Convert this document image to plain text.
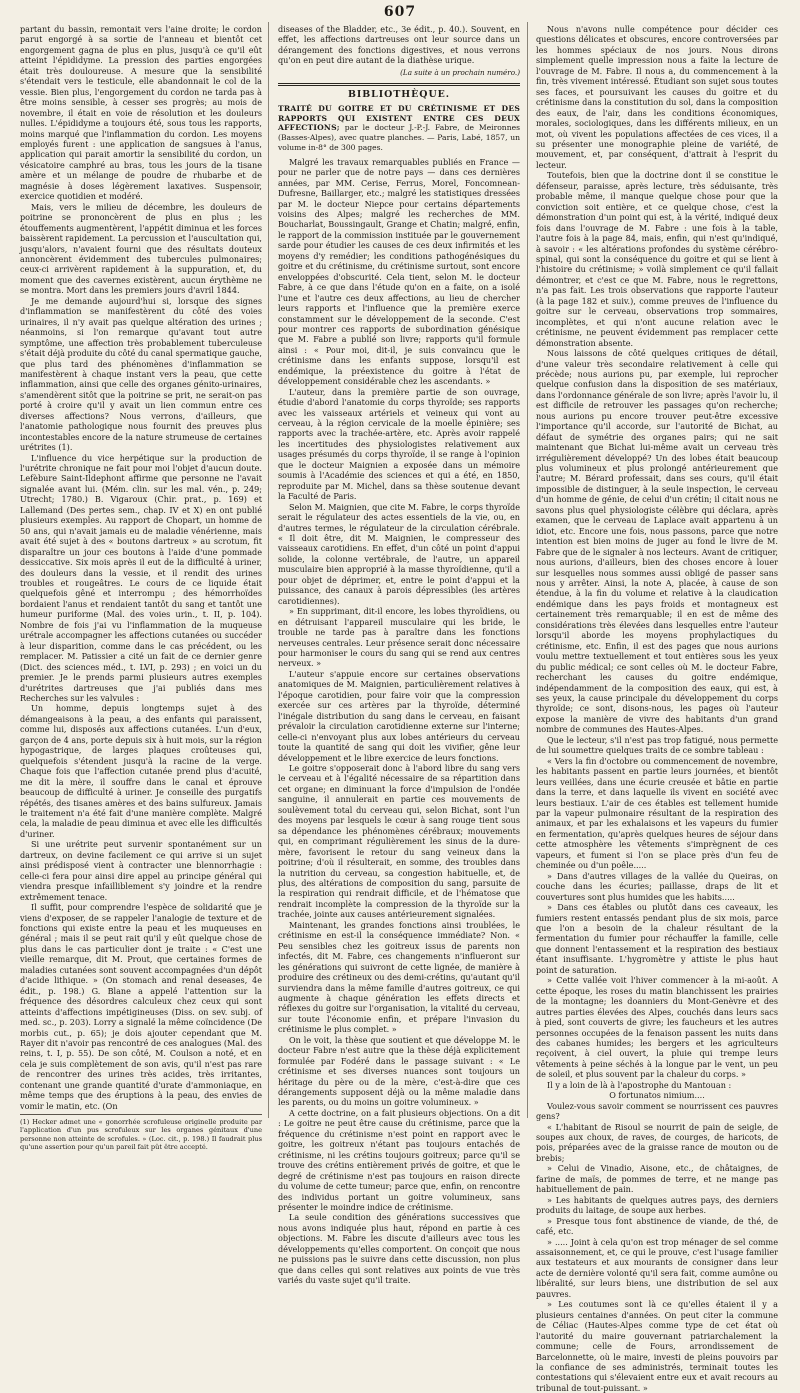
607

partant du bassin, remontait vers l'aine droite; le cordon parut engorgé à sa sortie de l'anneau et bientôt cet engorgement gagna de plus en plus, jusqu'à ce qu'il eût atteint l'épididyme. La pression des parties engorgées était très douloureuse. A mesure que la sensibilité s'étendait vers le testicule, elle abandonnait le col de la vessie. Bien plus, l'engorgement du cordon ne tarda pas à être moins sensible, à cesser ses progrès; au mois de novembre, il était en voie de résolution et les douleurs nulles. L'épididyme a toujours été, sous tous les rapports, moins marqué que l'inflammation du cordon. Les moyens employés furent : une application de sangsues à l'anus, application qui parait amortir la sensibilité du cordon, un vésicatoire camphré au bras, tous les jours de la tisane amère et un mélange de poudre de rhubarbe et de magnésie à doses légèrement laxatives. Suspensoir, exercice quotidien et modéré.

Mais, vers le milieu de décembre, les douleurs de poitrine se prononcèrent de plus en plus ; les étouffements augmentèrent, l'appétit diminua et les forces baissèrent rapidement. La percussion et l'auscultation qui, jusqu'alors, n'avaient fourni que des résultats douteux annoncèrent évidemment des tubercules pulmonaires; ceux-ci arrivèrent rapidement à la suppuration, et, du moment que des cavernes existèrent, aucun érythème ne se montra. Mort dans les premiers jours d'avril 1844.

Je me demande aujourd'hui si, lorsque des signes d'inflammation se manifestèrent du côté des voies urinaires, il n'y avait pas quelque altération des urines ; néanmoins, si l'on remarque qu'avant tout autre symptôme, une affection très probablement tuberculeuse s'était déjà produite du côté du canal spermatique gauche, que plus tard des phénomènes d'inflammation se manifestèrent à chaque instant vers la peau, que cette inflammation, ainsi que celle des organes génito-urinaires, s'amendèrent sitôt que la poitrine se prit, ne serait-on pas porté à croire qu'il y avait un lien commun entre ces diverses affections? Nous verrons, d'ailleurs, que l'anatomie pathologique nous fournit des preuves plus incontestables encore de la nature strumeuse de certaines urétrites (1).

L'influence du vice herpétique sur la production de l'urétrite chronique ne fait pour moi l'objet d'aucun doute. Lefèbure Saint-Ildephont affirme que personne ne l'avait signalée avant lui. (Mém. clin. sur les mal. vén., p. 249; Utrecht; 1780.) B. Vigaroux (Chir. prat., p. 169) et Lallemand (Des pertes sem., chap. IV et X) en ont publié plusieurs exemples. Au rapport de Chopart, un homme de 50 ans, qui n'avait jamais eu de maladie vénérienne, mais avait été sujet à des « boutons dartreux » au scrotum, fit disparaître un jour ces boutons à l'aide d'une pommade dessiccative. Six mois après il eut de la difficulté à uriner, des douleurs dans la vessie, et il rendit des urines troubles et rougeâtres. Le cours de ce liquide était quelquefois gêné et interrompu ; des hémorrhoïdes bordaient l'anus et rendaient tantôt du sang et tantôt une humeur puriforme (Mal. des voies urin., t. II, p. 104). Nombre de fois j'ai vu l'inflammation de la muqueuse urétrale accompagner les affections cutanées ou succéder à leur disparition, comme dans le cas précédent, ou les remplacer. M. Patissier a cité un fait de ce dernier genre (Dict. des sciences méd., t. LVI, p. 293) ; en voici un du premier. Je le prends parmi plusieurs autres exemples d'urétrites dartreuses que j'ai publiés dans mes Recherches sur les valvules :

Un homme, depuis longtemps sujet à des démangeaisons à la peau, a des enfants qui paraissent, comme lui, disposés aux affections cutanées. L'un d'eux, garçon de 4 ans, porte depuis six à huit mois, sur la région hypogastrique, de larges plaques croûteuses qui, quelquefois s'étendent jusqu'à la racine de la verge. Chaque fois que l'affection cutanée prend plus d'acuité, me dit la mère, il souffre dans le canal et éprouve beaucoup de difficulté à uriner. Je conseille des purgatifs répétés, des tisanes amères et des bains sulfureux. Jamais le traitement n'a été fait d'une manière complète. Malgré cela, la maladie de peau diminua et avec elle les difficultés d'uriner.

Si une urétrite peut survenir spontanément sur un dartreux, on devine facilement ce qui arrive si un sujet ainsi prédisposé vient à contracter une blennorrhagie : celle-ci fera pour ainsi dire appel au principe général qui viendra presque infailliblement s'y joindre et la rendre extrêmement tenace.

Il suffit, pour comprendre l'espèce de solidarité que je viens d'exposer, de se rappeler l'analogie de texture et de fonctions qui existe entre la peau et les muqueuses en général ; mais il se peut rait qu'il y eût quelque chose de plus dans le cas particulier dont je traite : « C'est une vieille remarque, dit M. Prout, que certaines formes de maladies cutanées sont souvent accompagnées d'un dépôt d'acide lithique. » (On stomach and renal deseases, 4e édit., p. 198.) G. Blane a appelé l'attention sur la fréquence des désordres calculeux chez ceux qui sont atteints d'affections impétigineuses (Diss. on sev. subj. of med. sc., p. 203). Lorry a signalé la même coïncidence (De morbis cut., p. 65); je dois ajouter cependant que M. Rayer dit n'avoir pas rencontré de ces analogues (Mal. des reins, t. I, p. 55). De son côté, M. Coulson a noté, et en cela je suis complètement de son avis, qu'il n'est pas rare de rencontrer des urines très acides, très irritantes, contenant une grande quantité d'urate d'ammoniaque, en même temps que des éruptions à la peau, des envies de vomir le matin, etc. (On

(1) Hecker admet une « gonorrhée scrofuleuse originelle produite par l'application d'un pus scrofuleux sur les organes génitaux d'une personne non atteinte de scrofules. » (Loc. cit., p. 198.) Il faudrait plus qu'une assertion pour qu'un pareil fait pût être accepté.

diseases of the Bladder, etc., 3e édit., p. 40.). Souvent, en effet, les affections dartreuses ont leur source dans un dérangement des fonctions digestives, et nous verrons qu'on en peut dire autant de la diathèse urique.

(La suite à un prochain numéro.)

BIBLIOTHÈQUE.
TRAITÉ DU GOITRE ET DU CRÉTINISME ET DES RAPPORTS QUI EXISTENT ENTRE CES DEUX AFFECTIONS; par le docteur J.-P.-J. Fabre, de Meironnes (Basses-Alpes), avec quatre planches. — Paris, Labé, 1857, un volume in-8° de 300 pages.

Malgré les travaux remarquables publiés en France — pour ne parler que de notre pays — dans ces dernières années, par MM. Cerise, Ferrus, Morel, Foncomnean-Dufresne, Baillarger, etc.; malgré les statistiques dressées par M. le docteur Niepce pour certains départements voisins des Alpes; malgré les recherches de MM. Boucharlat, Boussingault, Grange et Chatin; malgré, enfin, le rapport de la commission instituée par le gouvernement sarde pour étudier les causes de ces deux infirmités et les moyens d'y remédier; les conditions pathogénésiques du goitre et du crétinisme, du crétinisme surtout, sont encore enveloppées d'obscurité. Cela tient, selon M. le docteur Fabre, à ce que dans l'étude qu'on en a faite, on a isolé l'une et l'autre ces deux affections, au lieu de chercher leurs rapports et l'influence que la première exerce constamment sur le développement de la seconde. C'est pour montrer ces rapports de subordination génésique que M. Fabre a publié son livre; rapports qu'il formule ainsi : « Pour moi, dit-il, je suis convaincu que le crétinisme dans les enfants suppose, lorsqu'il est endémique, la préexistence du goitre à l'état de développement considérable chez les ascendants. »

L'auteur, dans la première partie de son ouvrage, étudie d'abord l'anatomie du corps thyroïde; ses rapports avec les vaisseaux artériels et veineux qui vont au cerveau, à la région cervicale de la moelle épinière; ses rapports avec la trachée-artère, etc. Après avoir rappelé les incertitudes des physiologistes relativement aux usages présumés du corps thyroïde, il se range à l'opinion que le docteur Maignien a exposée dans un mémoire soumis à l'Académie des sciences et qui a été, en 1850, reproduite par M. Michel, dans sa thèse soutenue devant la Faculté de Paris.

Selon M. Maignien, que cite M. Fabre, le corps thyroïde serait le régulateur des actes essentiels de la vie, ou, en d'autres termes, le régulateur de la circulation cérébrale. « Il doit être, dit M. Maignien, le compresseur des vaisseaux carotidiens. En effet, d'un côté un point d'appui solide, la colonne vertébrale, de l'autre, un appareil musculaire bien approprié à la masse thyroïdienne, qu'il a pour objet de déprimer, et, entre le point d'appui et la puissance, des canaux à parois dépressibles (les artères carotidiennes).

» En supprimant, dit-il encore, les lobes thyroïdiens, ou en détruisant l'appareil musculaire qui les bride, le trouble ne tarde pas à paraître dans les fonctions nerveuses centrales. Leur présence serait donc nécessaire pour harmoniser le cours du sang qui se rend aux centres nerveux. »

L'auteur s'appuie encore sur certaines observations anatomiques de M. Maignien, particulièrement relatives à l'époque carotidien, pour faire voir que la compression exercée sur ces artères par la thyroïde, déterminé l'inégale distribution du sang dans le cerveau, en faisant prévaloir la circulation carotidienne externe sur l'interne; celle-ci n'envoyant plus aux lobes antérieurs du cerveau toute la quantité de sang qui doit les vivifier, gêne leur développement et le libre exercice de leurs fonctions.

Le goitre s'opposerait donc à l'abord libre du sang vers le cerveau et à l'égalité nécessaire de sa répartition dans cet organe; en diminuant la force d'impulsion de l'ondée sanguine, il annulerait en partie ces mouvements de soulèvement total du cerveau qui, selon Bichat, sont l'un des moyens par lesquels le cœur à sang rouge tient sous sa dépendance les phénomènes cérébraux; mouvements qui, en comprimant régulièrement les sinus de la dure-mère, favorisent le retour du sang veineux dans la poitrine; d'où il résulterait, en somme, des troubles dans la nutrition du cerveau, sa congestion habituelle, et, de plus, des altérations de composition du sang, parsuite de la respiration qui rendrait difficile, et de l'hématose que rendrait incomplète la compression de la thyroïde sur la trachée, jointe aux causes antérieurement signalées.

Maintenant, les grandes fonctions ainsi troublées, le crétinisme en est-il la conséquence immédiate? Non. « Peu sensibles chez les goitreux issus de parents non infectés, dit M. Fabre, ces changements n'influeront sur les générations qui suivront de cette lignée, de manière à produire des crétineux ou des demi-crétins, qu'autant qu'il surviendra dans la même famille d'autres goitreux, ce qui augmente à chaque génération les effets directs et réflexes du goitre sur l'organisation, la vitalité du cerveau, sur toute l'économie enfin, et prépare l'invasion du crétinisme le plus complet. »

On le voit, la thèse que soutient et que développe M. le docteur Fabre n'est autre que la thèse déjà explicitement formulée par Fodéré dans le passage suivant : « Le crétinisme et ses diverses nuances sont toujours un héritage du père ou de la mère, c'est-à-dire que ces dérangements supposent déjà ou la même maladie dans les parents, ou du moins un goitre volumineux. »

A cette doctrine, on a fait plusieurs objections. On a dit : Le goitre ne peut être cause du crétinisme, parce que la fréquence du crétinisme n'est point en rapport avec le goitre, les goitreux n'étant pas toujours entachés de crétinisme, ni les crétins toujours goitreux; parce qu'il se trouve des crétins entièrement privés de goitre, et que le degré de crétinisme n'est pas toujours en raison directe du volume de cette tumeur; parce que, enfin, on rencontre des individus portant un goitre volumineux, sans présenter le moindre indice de crétinisme.

La seule condition des générations successives que nous avons indiquée plus haut, répond en partie à ces objections. M. Fabre les discute d'ailleurs avec tous les développements qu'elles comportent. On conçoit que nous ne puissions pas le suivre dans cette discussion, non plus que dans celles qui sont relatives aux points de vue très variés du vaste sujet qu'il traite.

Nous n'avons nulle compétence pour décider ces questions délicates et obscures, encore controversées par les hommes spéciaux de nos jours. Nous dirons simplement quelle impression nous a faite la lecture de l'ouvrage de M. Fabre. Il nous a, du commencement à la fin, très vivement intéressé. Étudiant son sujet sous toutes ses faces, et poursuivant les causes du goitre et du crétinisme dans la constitution du sol, dans la composition des eaux, de l'air, dans les conditions économiques, morales, sociologiques, dans les différents milieux, en un mot, où vivent les populations affectées de ces vices, il a su présenter une monographie pleine de variété, de mouvement, et, par conséquent, d'attrait à l'esprit du lecteur.

Toutefois, bien que la doctrine dont il se constitue le défenseur, paraisse, après lecture, très séduisante, très probable même, il manque quelque chose pour que la conviction soit entière, et ce quelque chose, c'est la démonstration d'un point qui est, à la vérité, indiqué deux fois dans l'ouvrage de M. Fabre : une fois à la table, l'autre fois à la page 84, mais, enfin, qui n'est qu'indiqué, à savoir : « les altérations profondes du système cérébro-spinal, qui sont la conséquence du goitre et qui se lient à l'histoire du crétinisme; » voilà simplement ce qu'il fallait démontrer, et c'est ce que M. Fabre, nous le regrettons, n'a pas fait. Les trois observations que rapporte l'auteur (à la page 182 et suiv.), comme preuves de l'influence du goitre sur le cerveau, observations trop sommaires, incomplètes, et qui n'ont aucune relation avec le crétinisme, ne peuvent évidemment pas remplacer cette démonstration absente.

Nous laissons de côté quelques critiques de détail, d'une valeur très secondaire relativement à celle qui précède; nous aurions pu, par exemple, lui reprocher quelque confusion dans la disposition de ses matériaux, dans l'ordonnance générale de son livre; après l'avoir lu, il est difficile de retrouver les passages qu'on recherche; nous aurions pu encore trouver peut-être excessive l'importance qu'il accorde, sur l'autorité de Bichat, au défaut de symétrie des organes pairs; qui ne sait maintenant que Bichat lui-même avait un cerveau très irrégulièrement développé? Un des lobes était beaucoup plus volumineux et plus prolongé antérieurement que l'autre; M. Bérard professait, dans ses cours, qu'il était impossible de distinguer, à la seule inspection, le cerveau d'un homme de génie, de celui d'un crétin; il citait nous ne savons plus quel physiologiste célèbre qui déclara, après examen, que le cerveau de Laplace avait appartenu à un idiot, etc. Encore une fois, nous passons, parce que notre intention est bien moins de juger au fond le livre de M. Fabre que de le signaler à nos lecteurs. Avant de critiquer, nous aurions, d'ailleurs, bien des choses encore à louer sur lesquelles nous sommes aussi obligé de passer sans nous y arrêter. Ainsi, la note A, placée, à cause de son étendue, à la fin du volume et relative à la claudication endémique dans les pays froids et montagneux est certainement très remarquable; il en est de même des considérations très élevées dans lesquelles entre l'auteur lorsqu'il aborde les moyens prophylactiques du crétinisme, etc. Enfin, il est des pages que nous aurions voulu mettre textuellement et tout entières sous les yeux du public médical; ce sont celles où M. le docteur Fabre, recherchant les causes du goitre endémique, indépendamment de la composition des eaux, qui est, à ses yeux, la cause principale du développement du corps thyroïde; ce sont, disons-nous, les pages où l'auteur expose la manière de vivre des habitants d'un grand nombre de communes des Hautes-Alpes.

Que le lecteur, s'il n'est pas trop fatigué, nous permette de lui soumettre quelques traits de ce sombre tableau :

« Vers la fin d'octobre ou commencement de novembre, les habitants passent en partie leurs journées, et bientôt leurs veillées, dans une écurie creusée et bâtie en partie dans la terre, et dans laquelle ils vivent en société avec leurs bestiaux. L'air de ces étables est tellement humide par la vapeur pulmonaire résultant de la respiration des animaux, et par les exhalaisons et les vapeurs du fumier en fermentation, qu'après quelques heures de séjour dans cette atmosphère les vêtements s'imprègnent de ces vapeurs, et fument si l'on se place près d'un feu de cheminée ou d'un poêle.....

» Dans d'autres villages de la vallée du Queiras, on couche dans les écuries; paillasse, draps de lit et couvertures sont plus humides que les habits.....

» Dans ces étables ou plutôt dans ces caveaux, les fumiers restent entassés pendant plus de six mois, parce que l'on a besoin de la chaleur résultant de la fermentation du fumier pour réchauffer la famille, celle que donnent l'entassement et la respiration des bestiaux étant insuffisante. L'hygromètre y attiste le plus haut point de saturation.

» Cette vallée voit l'hiver commencer à la mi-août. A cette époque, les roses du matin blanchissent les prairies de la montagne; les doanniers du Mont-Genèvre et des autres parties élevées des Alpes, couchés dans leurs sacs à pied, sont couverts de givre; les faucheurs et les autres personnes occupées de la fenaison passent les nuits dans des cabanes humides; les bergers et les agriculteurs reçoivent, à ciel ouvert, la pluie qui trempe leurs vêtements à peine séchés à la longue par le vent, un peu de soleil, et plus souvent par la chaleur du corps. »

Il y a loin de là à l'apostrophe du Mantouan :

O fortunatos nimium....

Voulez-vous savoir comment se nourrissent ces pauvres gens?

« L'habitant de Risoul se nourrit de pain de seigle, de soupes aux choux, de raves, de courges, de haricots, de pois, préparées avec de la graisse rance de mouton ou de brebis;

» Celui de Vinadio, Aisone, etc., de châtaignes, de farine de maïs, de pommes de terre, et ne mange pas habituellement de pain.

» Les habitants de quelques autres pays, des derniers produits du laitage, de soupe aux herbes.

» Presque tous font abstinence de viande, de thé, de café, etc.

» ..... Joint à cela qu'on est trop ménager de sel comme assaisonnement, et, ce qui le prouve, c'est l'usage familier aux testateurs et aux mourants de consigner dans leur acte de dernière volonté qu'il sera fait, comme aumône ou libéralité, sur leurs biens, une distribution de sel aux pauvres.

» Les coutumes sont là ce qu'elles étaient il y a plusieurs centaines d'années. On peut citer la commune de Céliac (Hautes-Alpes comme type de cet état où l'autorité du maire gouvernant patriarchalement la commune; celle de Fours, arrondissement de Barcelonnette, où le maire, investi de pleins pouvoirs par la confiance de ses administrés, terminait toutes les contestations qui s'élevaient entre eux et avait recours au tribunal de tout-puissant. »
